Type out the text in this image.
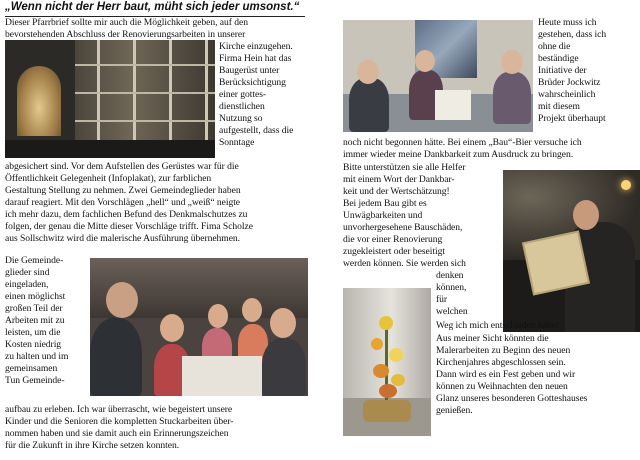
„Wenn nicht der Herr baut, müht sich jeder umsonst.“
Dieser Pfarrbrief sollte mir auch die Möglichkeit geben, auf den
bevorstehenden Abschluss der Renovierungsarbeiten in unserer
Kirche einzugehen.
Firma Hein hat das
Baugerüst unter
Berücksichtigung
einer gottes-
dienstlichen
Nutzung so
aufgestellt, dass die
Sonntage
abgesichert sind. Vor dem Aufstellen des Gerüstes war für die
Öffentlichkeit Gelegenheit (Infoplakat), zur farblichen
Gestaltung Stellung zu nehmen. Zwei Gemeindeglieder haben
darauf reagiert. Mit den Vorschlägen „hell“ und „weiß“ neigte
ich mehr dazu, dem fachlichen Befund des Denkmalschutzes zu
folgen, der genau die Mitte dieser Vorschläge trifft. Fima Scholze
aus Sollschwitz wird die malerische Ausführung übernehmen.
Die Gemeinde-
glieder sind
eingeladen,
einen möglichst
großen Teil der
Arbeiten mit zu
leisten, um die
Kosten niedrig
zu halten und im
gemeinsamen
Tun Gemeinde-
aufbau zu erleben. Ich war überrascht, wie begeistert unsere
Kinder und die Senioren die kompletten Stuckarbeiten über-
nommen haben und sie damit auch ein Erinnerungszeichen
für die Zukunft in ihre Kirche setzen konnten.
Heute muss ich
gestehen, dass ich
ohne die
beständige
Initiative der
Brüder Jockwitz
wahrscheinlich
mit diesem
Projekt überhaupt
noch nicht begonnen hätte. Bei einem „Bau“-Bier versuche ich
immer wieder meine Dankbarkeit zum Ausdruck zu bringen.
Bitte unterstützen sie alle Helfer
mit einem Wort der Dankbar-
keit und der Wertschätzung!
Bei jedem Bau gibt es
Unwägbarkeiten und
unvorhergesehene Bauschäden,
die vor einer Renovierung
zugekleistert oder beseitigt
werden können. Sie werden sich
denken
können,
für
welchen
Weg ich mich entschieden habe!
Aus meiner Sicht könnten die
Malerarbeiten zu Beginn des neuen
Kirchenjahres abgeschlossen sein.
Dann wird es ein Fest geben und wir
können zu Weihnachten den neuen
Glanz unseres besonderen Gotteshauses
genießen.
